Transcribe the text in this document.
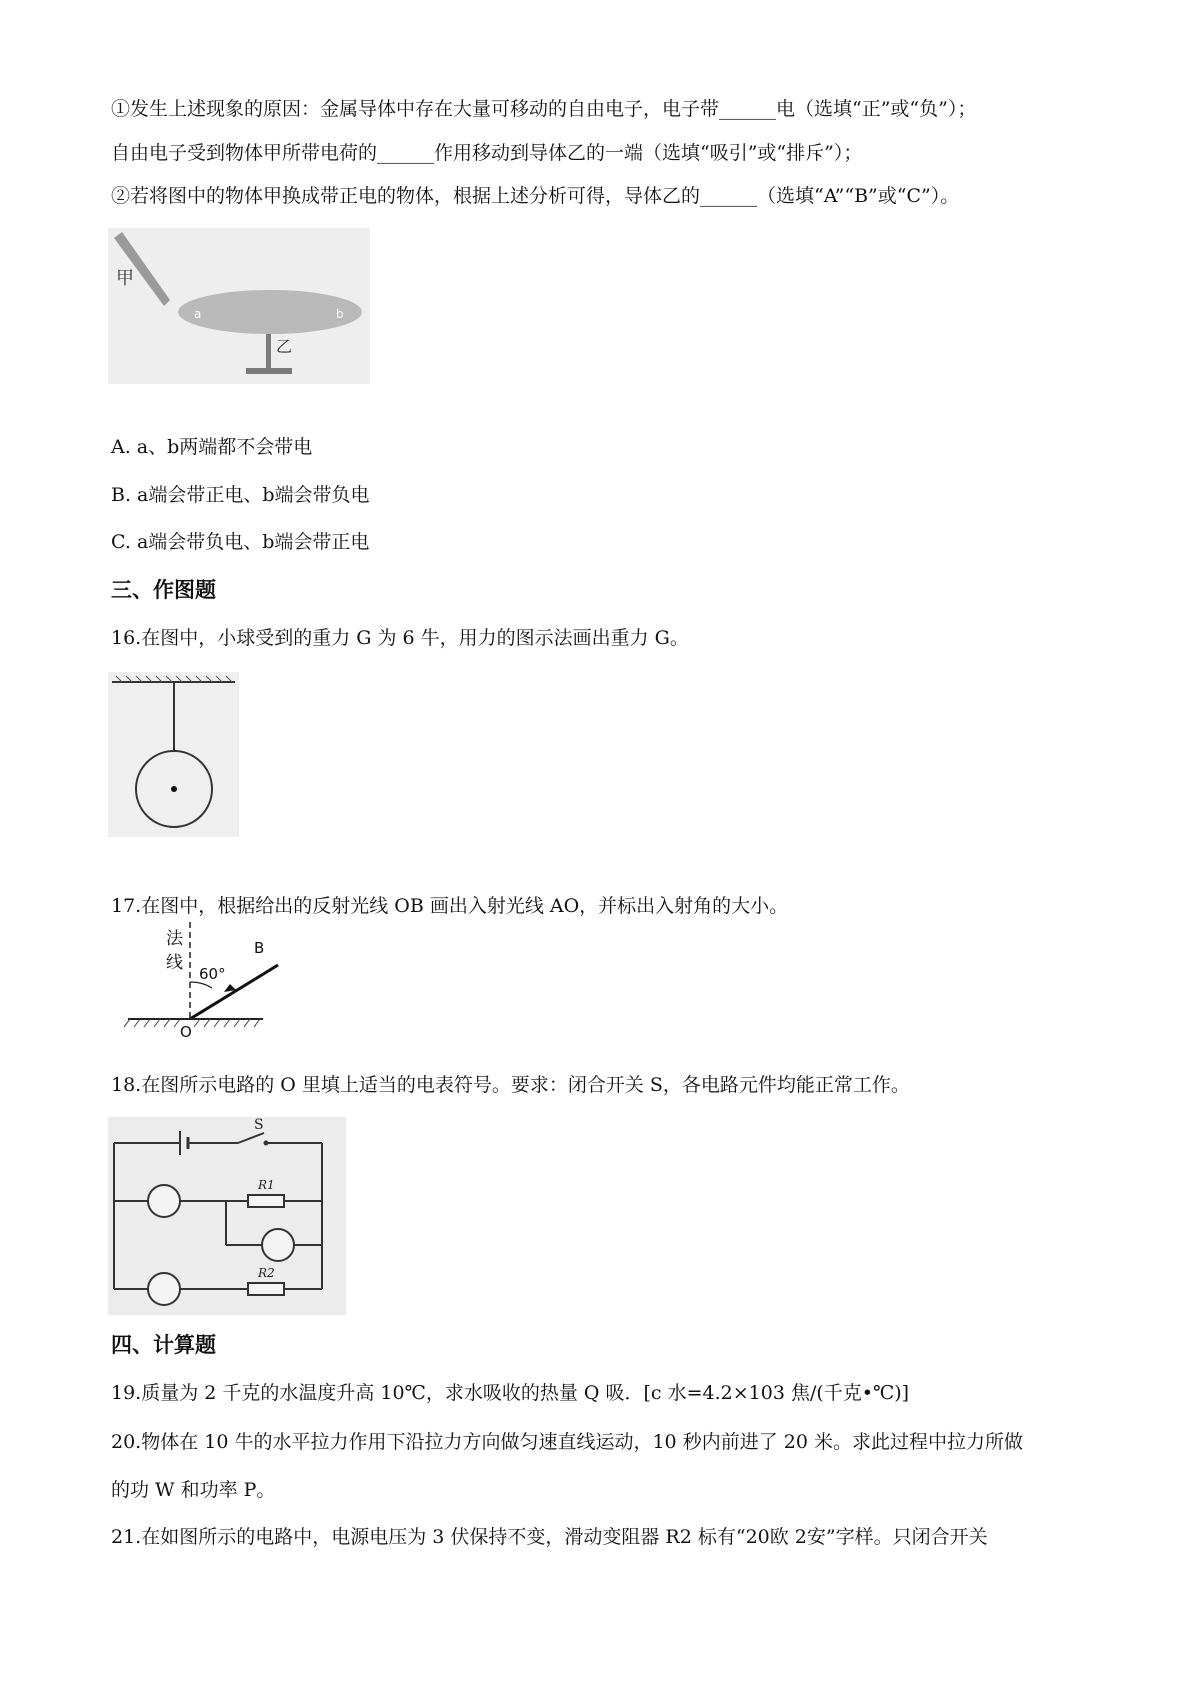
①发生上述现象的原因：金属导体中存在大量可移动的自由电子，电子带______电（选填“正”或“负”）；
自由电子受到物体甲所带电荷的______作用移动到导体乙的一端（选填“吸引”或“排斥”）；
②若将图中的物体甲换成带正电的物体，根据上述分析可得，导体乙的______（选填“A”“B”或“C”）。
甲
a	b
乙
A. a、b两端都不会带电
B. a端会带正电、b端会带负电
C. a端会带负电、b端会带正电
三、作图题
16.在图中，小球受到的重力 G 为 6 牛，用力的图示法画出重力 G。
17.在图中，根据给出的反射光线 OB 画出入射光线 AO，并标出入射角的大小。
法
线
60°
B
O
18.在图所示电路的 O 里填上适当的电表符号。要求：闭合开关 S，各电路元件均能正常工作。
S
R1
R2
四、计算题
19.质量为 2 千克的水温度升高 10℃，求水吸收的热量 Q 吸．[c 水=4.2×103 焦/(千克•℃)]
20.物体在 10 牛的水平拉力作用下沿拉力方向做匀速直线运动，10 秒内前进了 20 米。求此过程中拉力所做
的功 W 和功率 P。
21.在如图所示的电路中，电源电压为 3 伏保持不变，滑动变阻器 R2 标有“20欧 2安”字样。只闭合开关
